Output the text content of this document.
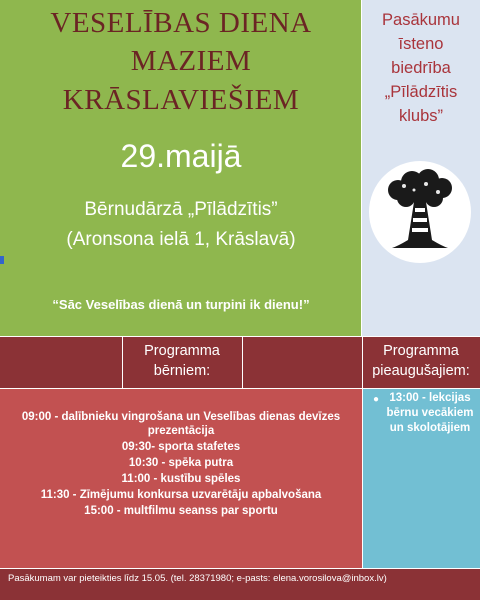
VESELĪBAS DIENA
MAZIEM
KRĀSLAVIEŠIEM
29.maijā
Bērnudārzā „Pīlādzītis”
(Aronsona ielā 1, Krāslavā)
“Sāc Veselības dienā un turpini ik dienu!”
Pasākumu
īsteno
biedrība
„Pīlādzītis
klubs”
Programma
bērniem:
Programma
pieaugušajiem:
09:00 - dalībnieku vingrošana un Veselības dienas devīzes
prezentācija
09:30- sporta stafetes
10:30 - spēka putra
11:00 - kustību spēles
11:30 - Zīmējumu konkursa uzvarētāju apbalvošana
15:00 - multfilmu seanss par sportu
● 13:00 - lekcijas
bērnu vecākiem
un skolotājiem
Pasākumam var pieteikties līdz 15.05. (tel. 28371980; e-pasts: elena.vorosilova@inbox.lv)
